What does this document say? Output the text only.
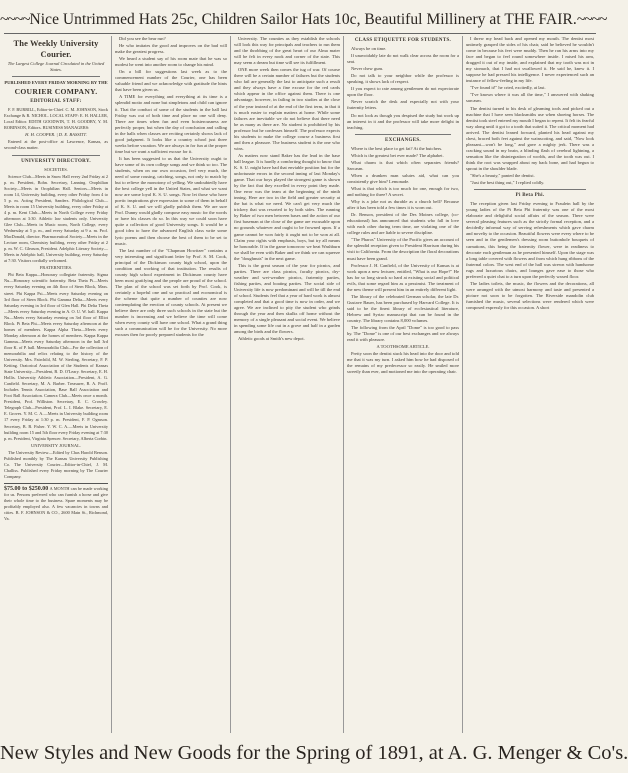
~~~~Nice Untrimmed Hats 25c, Children Sailor Hats 10c, Beautiful Millinery at THE FAIR.~~~~
The Weekly University Courier.
The Largest College Journal Circulated in the United States.

PUBLISHED EVERY FRIDAY MORNING BY THE

COURIER COMPANY.

EDITORIAL STAFF:

F. F. BURRILL, Editor-in-Chief. C. M. JOHNSON, Stock Exchange & R. NICHOL. LOCAL STAFF: E. H. HALLER, Local Editor. EDITH GOODWIN, T. H. GOODBY, Y. M. ROBINSON, Editors. BUSINESS MANAGERS:

H. H. COOPER. | D. E. BASSITT.

Entered at the post-office at Lawrence, Kansas, as second-class matter.

UNIVERSITY DIRECTORY.

SOCIETIES.

Science Club—Meets in Snow Hall every 2nd Friday at 2 p. m. President, Bohn. Secretary, Lanning. Orophilian Society—Meets in Orophilian Hall. Seniors—Meets in room 14, University building, every other Friday from 4 to 5 p. m. Acting President, Sanders. Philological Club—Meets in room 15 University building, every other Friday at 4 p. m. Kent Club—Meets in North College every Friday afternoon at 3:30. Athletic law students only. University Glee Club—Meets in Music room, North College, every Wednesday at 5 p. m., and every Saturday at 9 a. m. Prof. MacDonald, director. Pharmaceutical Society—Meets in the Lecture room, Chemistry building, every other Friday at 2 p. m. W. C. Gleason, President. Adelphic Literary Society—Meets in Adelphic hall, University building, every Saturday at 7:30. Visitors cordially welcomed.

FRATERNITIES.

Phi Beta Kappa—Honorary collegiate fraternity. Sigma Nu—Honorary scientific fraternity. Beta Theta Pi—Meets every Saturday evening on 4th floor of Stern Block, Mass. street. Phi Kappa Psi—Meets every Saturday evening on 3rd floor of Stern Block. Phi Gamma Delta—Meets every Saturday evening in 3rd floor of Glen Hall. Phi Delta Theta—Meets every Saturday evening in A. O. U. W. hall. Kappa Nu—Meets every Saturday evening on 3rd floor of Elliot Block. Pi Beta Phi—Meets every Saturday afternoon at the homes of members. Kappa Alpha Theta—Meets every Monday afternoon at the homes of members. Kappa Kappa Gamma—Meets every Saturday afternoon in the hall 3rd floor K. of P. hall. Memorabilia Club—For the collection of memorabilia and relics relating to the history of the University. Mrs. Fairchild, M. W. Sterling, Secretary, F. P. Ketting. Oratorical Association of the Students of Kansas State University—President, B. D. O'Leary. Secretary, E. H. Hollis. University Athletic Association—President, A. G. Canfield. Secretary, M. A. Barber. Treasurer, B. A. Proff. Includes Tennis Association, Base Ball Association and Foot Ball Association. Camera Club—Meets once a month. President, Prof. Williston. Secretary, E. C. Crowley. Telegraph Club—President, Prof. L. I. Blake. Secretary, E. E. Groves. Y. M. C. A.—Meets in University building room 17 every Friday at 1:30 p. m. President, F. P. Ogmson. Secretary, B. B. Fisher. Y. W. C. A.—Meets in University building room 15 and 5th floor every Friday evening at 7:30 p. m. President, Virginia Spencer. Secretary, Alberta Corbin.

UNIVERSITY JOURNAL.

The University Review—Edited by Chas Harold Benson. Published monthly by The Kansas University Publishing Co. The University Courier—Editor-in-Chief, J. M. Challiss. Published every Friday morning by The Courier Company.

$75.00 to $250.00 A MONTH can be made working for us. Persons preferred who can furnish a horse and give their whole time to the business. Spare moments may be profitably employed also. A few vacancies in towns and cities. B. F. JOHNSON & CO., 2600 Main St., Richmond, Va.

Did you see the bear run?

He who imitates the good and improves on the bad will make the greatest progress.

We heard a student say of his room mate that he was so modest he went into another room to change his mind.

On a bill for suggestions last week as to the commencement number of the Courier, one has been valuable friend and we acknowledge with gratitude the hints that have been given us.

A TIME for everything and everything at its time is a splendid motto and none but simpletons and child can ignore it. That the conduct of some of the students in the hall last Friday was out of both time and place no one will deny. There are times when fun and even boisterousness are perfectly proper, but when the day of conclusion and calling in the halls when classes are reciting certainly shows lack of good judgment. It looks like a country school just three weeks before vacation. We are always in for fun at the proper time but we want a sufficient excuse for it.

It has been suggested to us that the University ought to have some of its own college songs and we think so too. The students, when on our own occasion, feel very much, the need of some rousing, catching, songs, not only to match by but to relieve the monotony of yelling. We undoubtedly have the best college yell in the United States, and what we want now are some loyal K. S. U. songs. Now let those who have poetic inspirations give expression to some of them in behalf of K. S. U. and we will gladly publish them. We are sure Prof. Dunny would gladly compose easy music for the words or have his classes do so. In this way we could soon have quite a collection of good University songs. It would be a good idea to have the advanced English class write some lyric poems and then choose the best of them to be set to music.

The last number of the "Chapman Howitzer" contains a very interesting and significant letter by Prof. S. M. Cook, principal of the Dickinson county high school, upon the condition and working of that institution. The results of county high school experiment in Dickinson county have been most gratifying and the people are proud of the school. The plan of the school was set forth by Prof. Cook, is certainly a hopeful one and so practical and economical is the scheme that quite a number of counties are now contemplating the erection of county schools. At present we believe there are only three such schools in the state but the number is increasing and we believe the time will come when every county will have one school. What a grand thing such a communication will be for the University. No more excuses then for poorly prepared students for the

University. The counties as they establish the schools will look this way for principals and teachers to run them and the throbbing of the great heart of our Alma mater will be felt in every nook and corner of the state. This may seem a dream but time will see its fulfillment.

ONE more week then comes the tug of war. Of course there will be a certain number of failures but the students who fail are generally the last to anticipate such a result and they always have a fine excuse for the red cards which appear in the office against them. There is one advantage, however, in failing in two studies at the close of the year instead of at the end of the first term, in that it is much easier to explain matters at home. While some failures are inevitable we do not believe that there need be as many as there are. No student is prohibited by his professor but he confesses himself. The professor expects his students to make the college course a business first and then a pleasure. The business student is the one who wins.

As matters now stand Baker has the lead in the base ball league. It is hardly a comforting thought to know that K. S. U. might have had that enviable position but for the unfortunate errors in the second inning of last Monday's game. That our boys played the strongest game is shown by the fact that they excelled in every point they made. One error was the team at the beginning of the ninth inning. Here are two in the field and greater security at the bat is what we need. We can't get very much the trickery that was resorted to by both sides. The running by Baker of two men between bases and the action of our first baseman at the close of the game are excusable upon no grounds whatever and ought to be frowned upon. If a game cannot be won fairly it ought not to be won at all. Claim your rights with emphasis, boys, but try all means be honorable. If in the game tomorrow we beat Washburn we shall be even with Baker and we think we can squeeze the "doughnuts" in the next game.

This is the great season of the year for picnics, and parties. There are class picnics, faculty picnics, dry-weather and wet-weather picnics, fraternity parties, fishing parties, and boating parties. The social side of University life is now predominant and will be till the end of school. Students feel that a year of hard work is almost completed and that a good time is now in order, and we agree. We are inclined to pity the student who grinds through the year and then skulks off home without the memory of a single pleasant and social event. We believe in spending some life out in a grove and half in a garden among the birds and the flowers.

Athletic goods at Smith's new depot.

CLASS ETIQUETTE FOR STUDENTS.

Always be on time.

If unavoidably late do not walk clear across the room for a seat.

Never chew gum.

Do not talk to your neighbor while the professor is speaking, it shows lack of respect.

If you expect to rate among gentlemen do not expectorate upon the floor.

Never scratch the desk and especially not with your fraternity letters.

Do not look as though you despised the study but work up an interest in it and the professor will take more delight in teaching.

EXCHANGES.

Where is the best place to get fat? At the butchers.

Which is the greatest bet ever made? The alphabet.

What charm is that which often separates friends? Sarcasm.

When a drunken man salutes aid, what can you consistently give him? Lemonade.

What is that which is too much for one, enough for two, and nothing for three? A secret.

Why is a joke not as durable as a church bell? Because after it has been told a few times it is worn out.

Dr. Benson, president of the Des Moines college, (co-educational) has announced that students who fall in love with each other during term time, are violating one of the college rules and are liable to severe discipline.

"The Pharos" University of the Pacific gives an account of the splendid reception given to President Harrison during his visit to California. From the description the floral decorations must have been grand.

Professor J. H. Canfield, of the University of Kansas is at work upon a new lecturer, entitled, "What is our Hope?" He has for so long struck so hard at existing social and political evils, that some regard him as a pessimist. The treatment of the new theme will present him in an entirely different light.

The library of the celebrated German scholar, the late Dr. Gustave Bauer, has been purchased by Harvard College. It is said to be the finest library of ecclesiastical literature, Hebrew and Syriac manuscript that can be found in the country. The library contains 8,000 volumes.

The following from the April "Dome" is too good to pass by. The "Dome" is one of our best exchanges and we always read it with pleasure.

A TOOTHSOME ARTICLE.

Pretty soon the dentist stuck his head into the door and told me that it was my turn. I asked him how he had disposed of the remains of my predecessor so easily. He smiled more sweetly than ever, and motioned me into the operating chair.

I threw my head back and opened my mouth. The dentist most untimely grasped the sides of his chair, said he believed he wouldn't come in because his feet were muddy. Then he ran his arms into my face and began to feel round somewhere inside. I mised his arm, dragged it out of my inside, and explained that my tooth was not in my stomach, that I had not swallowed it. He said he, knew it. I suppose he had pressed his intelligence. I never experienced such an instance of fellow-feeling in my life.

"I've found it!" he cried, excitedly, at last.

"I've known where it was all the time," I answered with shaking sarcasm.

The dentist turned to his desk of gleaming tools and picked out a machine that I have seen blacksmiths use when shoeing horses. The dentist took steel entered my mouth I began to repent. It felt its fearful way along until it got to a tooth that suited it. The critical moment had arrived. The dentist leaned forward, planted his head against my chest, braced both feet against the wainscoting, and said, "Now look pleasant—won't be long," and gave a mighty jerk. There was a cracking sound in my brain, a blinding flash of cerebral lightning, a sensation like the disintegration of worlds, and the tooth was out. I think the root was wrapped about my back bone, and had begun to sprout in the shoulder blade.

"She's a beauty," panted the dentist.

"Just the best thing out," I replied coldly.

Pi Beta Phi.

The reception given last Friday evening to Fraulein hall by the young ladies of the Pi Beta Phi fraternity was one of the most elaborate and delightful social affairs of the season. There were several pleasing features such as the strictly formal reception, and a decidedly informal way of serving refreshments which gave charm and novelty to the occasion. Beautiful flowers were every where to be seen and in the gentlemen's dressing room buttonhole bouquets of carnations, this being the fraternity flower, were in readiness to decorate each gentleman as he presented himself. Upon the stage was a long table covered with flowers and from which hung ribbons of the fraternal colors. The west end of the hall was strewn with handsome rugs and luxurious chairs, and lounges gave ease to those who preferred a quiet chat to a turn upon the perfectly waxed floor.

The ladies toilets, the music, the flowers and the decorations, all were arranged with the utmost harmony and taste and presented a picture not soon to be forgotten. The Riverside mandolin club furnished the music, several selections were rendered which were composed expressly for this occasion. A short

New Styles and New Goods for the Spring of 1891, at A. G. Menger & Co's.
